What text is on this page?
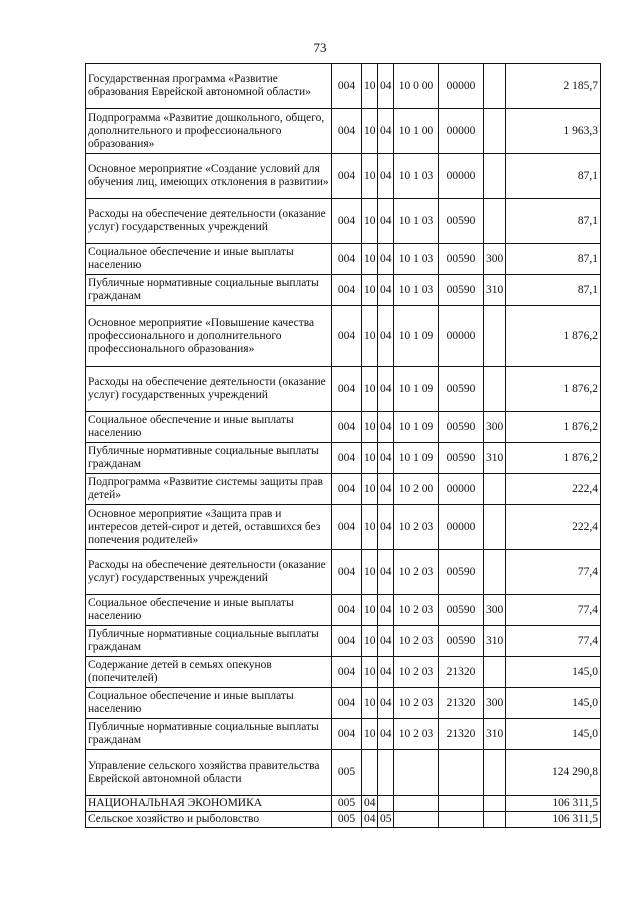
73
Государственная программа «Развитие образования Еврейской автономной области»	004	10	04	10 0 00	00000		2 185,7
Подпрограмма «Развитие дошкольного, общего, дополнительного и профессионального образования»	004	10	04	10 1 00	00000		1 963,3
Основное мероприятие «Создание условий для обучения лиц, имеющих отклонения в развитии»	004	10	04	10 1 03	00000		87,1
Расходы на обеспечение деятельности (оказание услуг) государственных учреждений	004	10	04	10 1 03	00590		87,1
Социальное обеспечение и иные выплаты населению	004	10	04	10 1 03	00590	300	87,1
Публичные нормативные социальные выплаты гражданам	004	10	04	10 1 03	00590	310	87,1
Основное мероприятие «Повышение качества профессионального и дополнительного профессионального образования»	004	10	04	10 1 09	00000		1 876,2
Расходы на обеспечение деятельности (оказание услуг) государственных учреждений	004	10	04	10 1 09	00590		1 876,2
Социальное обеспечение и иные выплаты населению	004	10	04	10 1 09	00590	300	1 876,2
Публичные нормативные социальные выплаты гражданам	004	10	04	10 1 09	00590	310	1 876,2
Подпрограмма «Развитие системы защиты прав детей»	004	10	04	10 2 00	00000		222,4
Основное мероприятие «Защита прав и интересов детей-сирот и детей, оставшихся без попечения родителей»	004	10	04	10 2 03	00000		222,4
Расходы на обеспечение деятельности (оказание услуг) государственных учреждений	004	10	04	10 2 03	00590		77,4
Социальное обеспечение и иные выплаты населению	004	10	04	10 2 03	00590	300	77,4
Публичные нормативные социальные выплаты гражданам	004	10	04	10 2 03	00590	310	77,4
Содержание детей в семьях опекунов (попечителей)	004	10	04	10 2 03	21320		145,0
Социальное обеспечение и иные выплаты населению	004	10	04	10 2 03	21320	300	145,0
Публичные нормативные социальные выплаты гражданам	004	10	04	10 2 03	21320	310	145,0
Управление сельского хозяйства правительства Еврейской автономной области	005						124 290,8
НАЦИОНАЛЬНАЯ ЭКОНОМИКА	005	04					106 311,5
Сельское хозяйство и рыболовство	005	04	05				106 311,5
